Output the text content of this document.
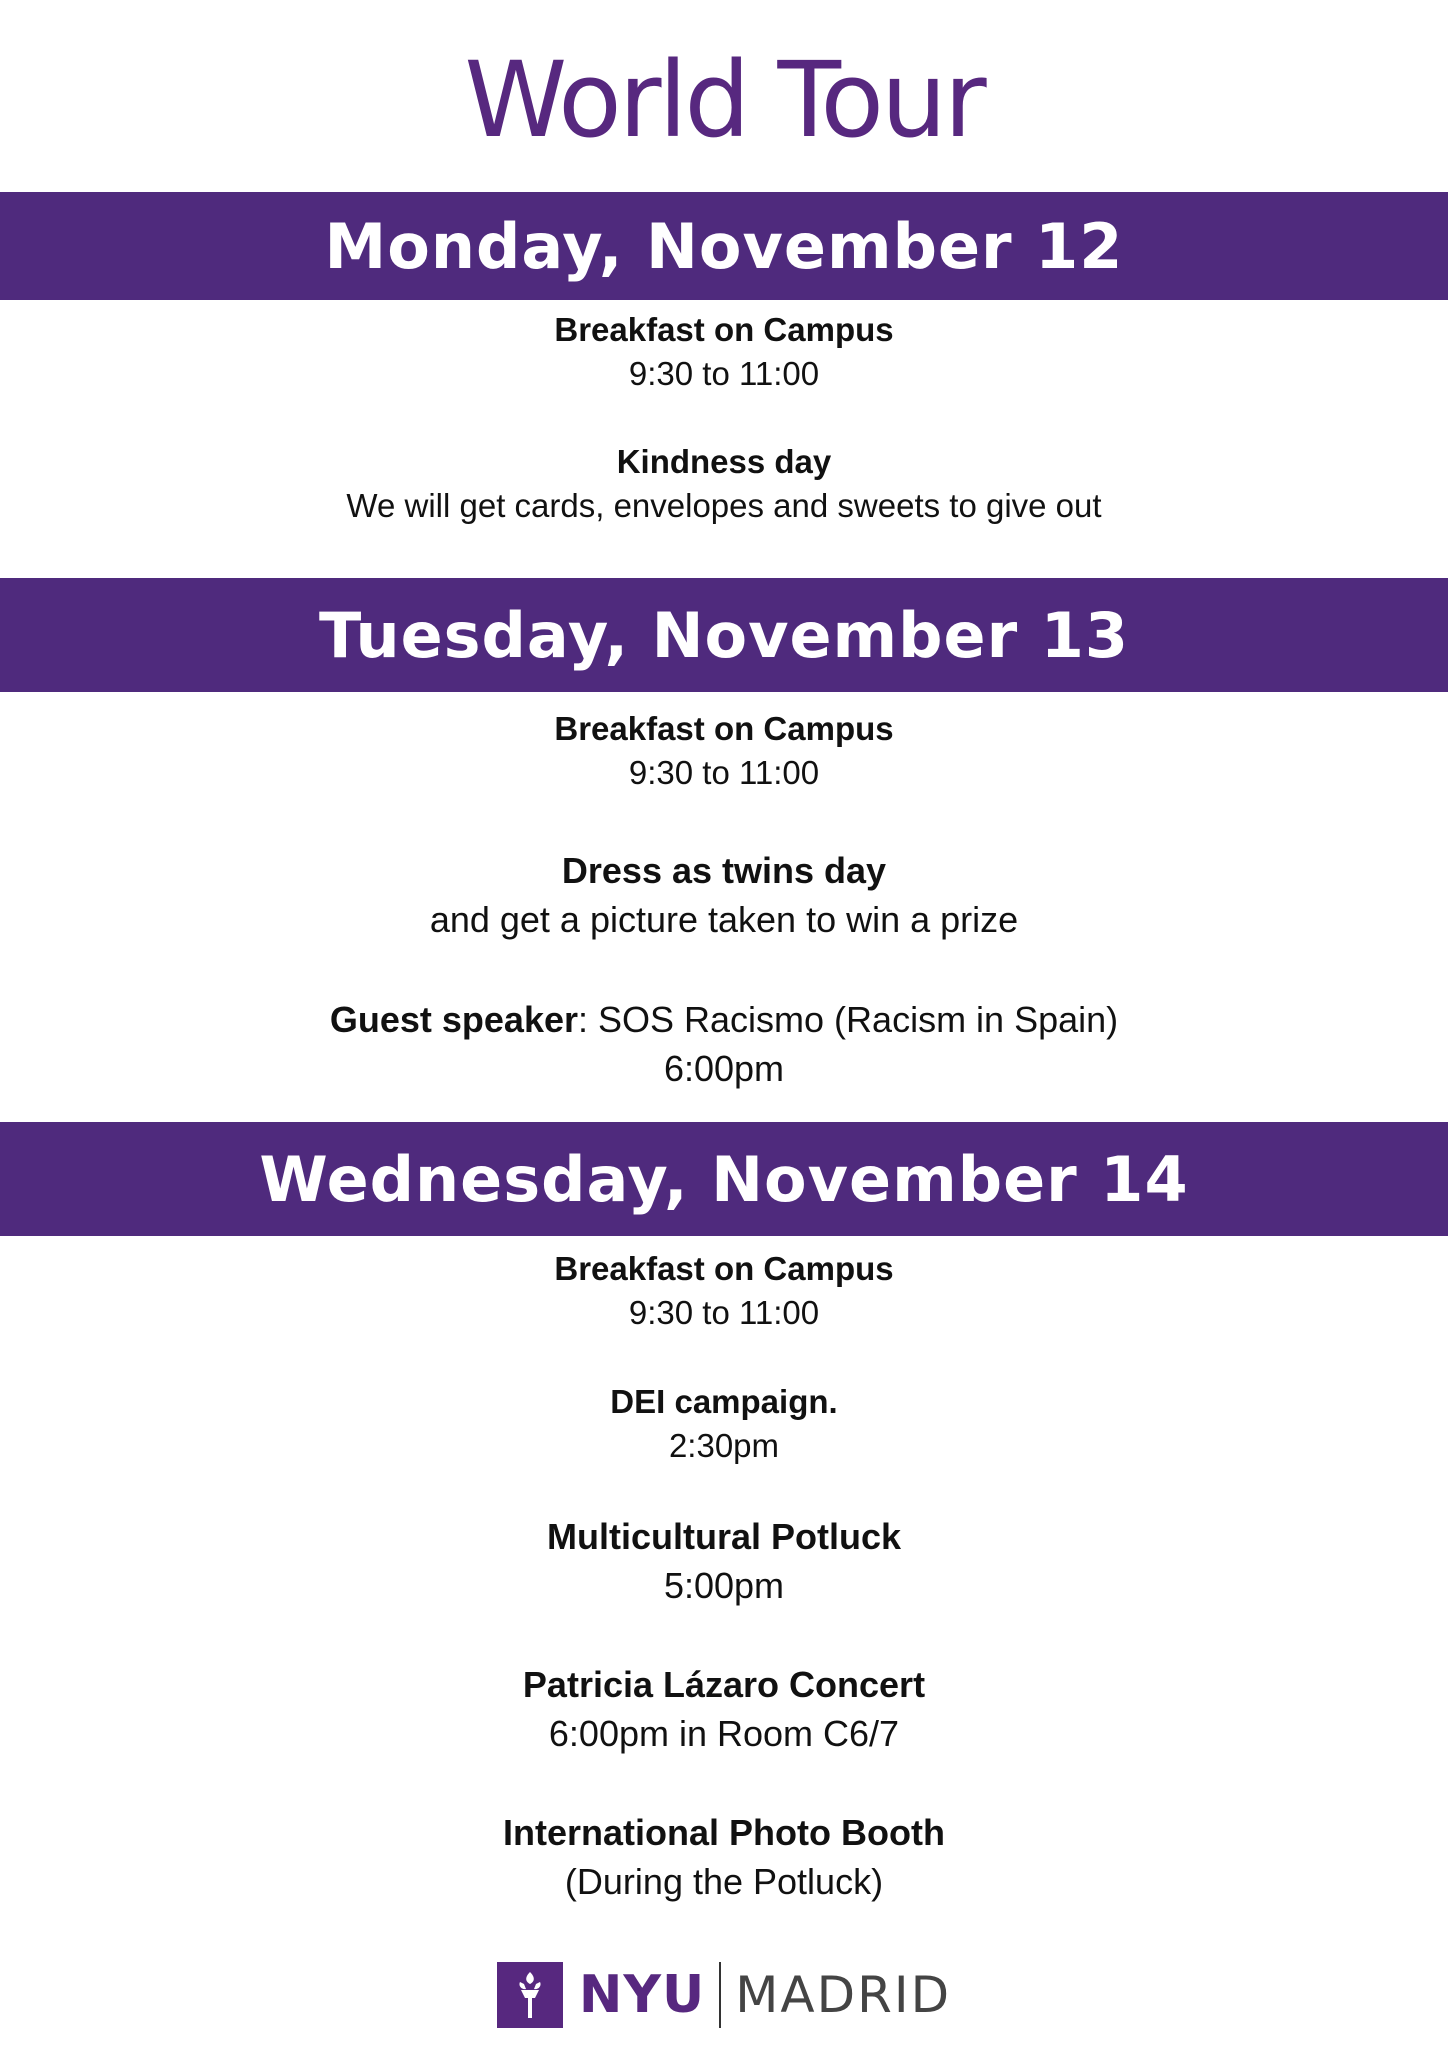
World Tour
Monday, November 12
Breakfast on Campus
9:30 to 11:00
Kindness day
We will get cards, envelopes and sweets to give out
Tuesday, November 13
Breakfast on Campus
9:30 to 11:00
Dress as twins day
and get a picture taken to win a prize
Guest speaker: SOS Racismo (Racism in Spain)
6:00pm
Wednesday, November 14
Breakfast on Campus
9:30 to 11:00
DEI campaign.
2:30pm
Multicultural Potluck
5:00pm
Patricia Lázaro Concert
6:00pm in Room C6/7
International Photo Booth
(During the Potluck)
NYU MADRID
